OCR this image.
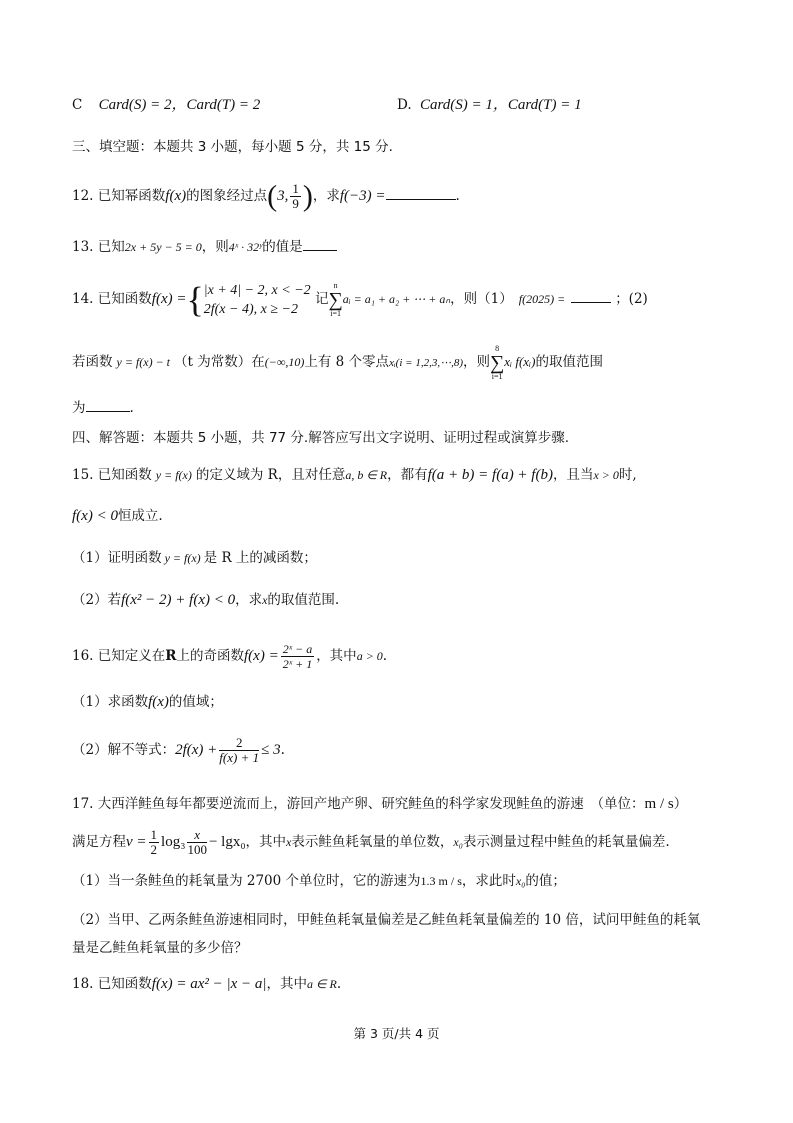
C Card(S) = 2，Card(T) = 2	D. Card(S) = 1，Card(T) = 1
三、填空题：本题共 3 小题，每小题 5 分，共 15 分.
12. 已知幂函数f(x)的图象经过点(3, $\frac{1}{9}$ )，求f(−3) =	.
13. 已知2x + 5y − 5 = 0，则4ˣ · 32ʸ的值是
14. 已知函数f(x) ={ |x + 4| − 2, x < −2
2f(x − 4), x ≥ −2
记
n
∑
i=1
aᵢ = a₁ + a₂ + ⋯ + aₙ，则（1） f(2025) =	；(2)
若函数 y = f(x) − t （t 为常数）在(−∞,10)上有 8 个零点xᵢ(i = 1,2,3,⋯,8)，则
8
∑
i=1
xᵢ f(xᵢ)的取值范围
为	.
四、解答题：本题共 5 小题，共 77 分.解答应写出文字说明、证明过程或演算步骤.
15. 已知函数 y = f(x) 的定义域为 R，且对任意a, b ∈ R，都有f(a + b) = f(a) + f(b)，且当x > 0时,
f(x) < 0恒成立.
（1）证明函数 y = f(x) 是 R 上的减函数；
（2）若f(x² − 2) + f(x) < 0，求x的取值范围.
16. 已知定义在R上的奇函数$f(x) = \frac{\text{2ˣ − a}}{\text{2ˣ + 1}}$ ，其中a > 0.
（1）求函数f(x)的值域；
（2）解不等式：$2f(x) + \frac{2}{f(x) + 1} \le 3$.
17. 大西洋鲑鱼每年都要逆流而上，游回产地产卵、研究鲑鱼的科学家发现鲑鱼的游速　（单位：m / s）
满足方程$v = \frac{1}{2} \log_3 \frac{x}{100} - \lg x_0$，其中x表示鲑鱼耗氧量的单位数，x₀表示测量过程中鲑鱼的耗氧量偏差.
（1）当一条鲑鱼的耗氧量为 2700 个单位时，它的游速为1.3 m / s，求此时x₀的值；
（2）当甲、乙两条鲑鱼游速相同时，甲鲑鱼耗氧量偏差是乙鲑鱼耗氧量偏差的 10 倍，试问甲鲑鱼的耗氧
量是乙鲑鱼耗氧量的多少倍？
18. 已知函数f(x) = ax² − |x − a|，其中a ∈ R.
第 3 页/共 4 页
